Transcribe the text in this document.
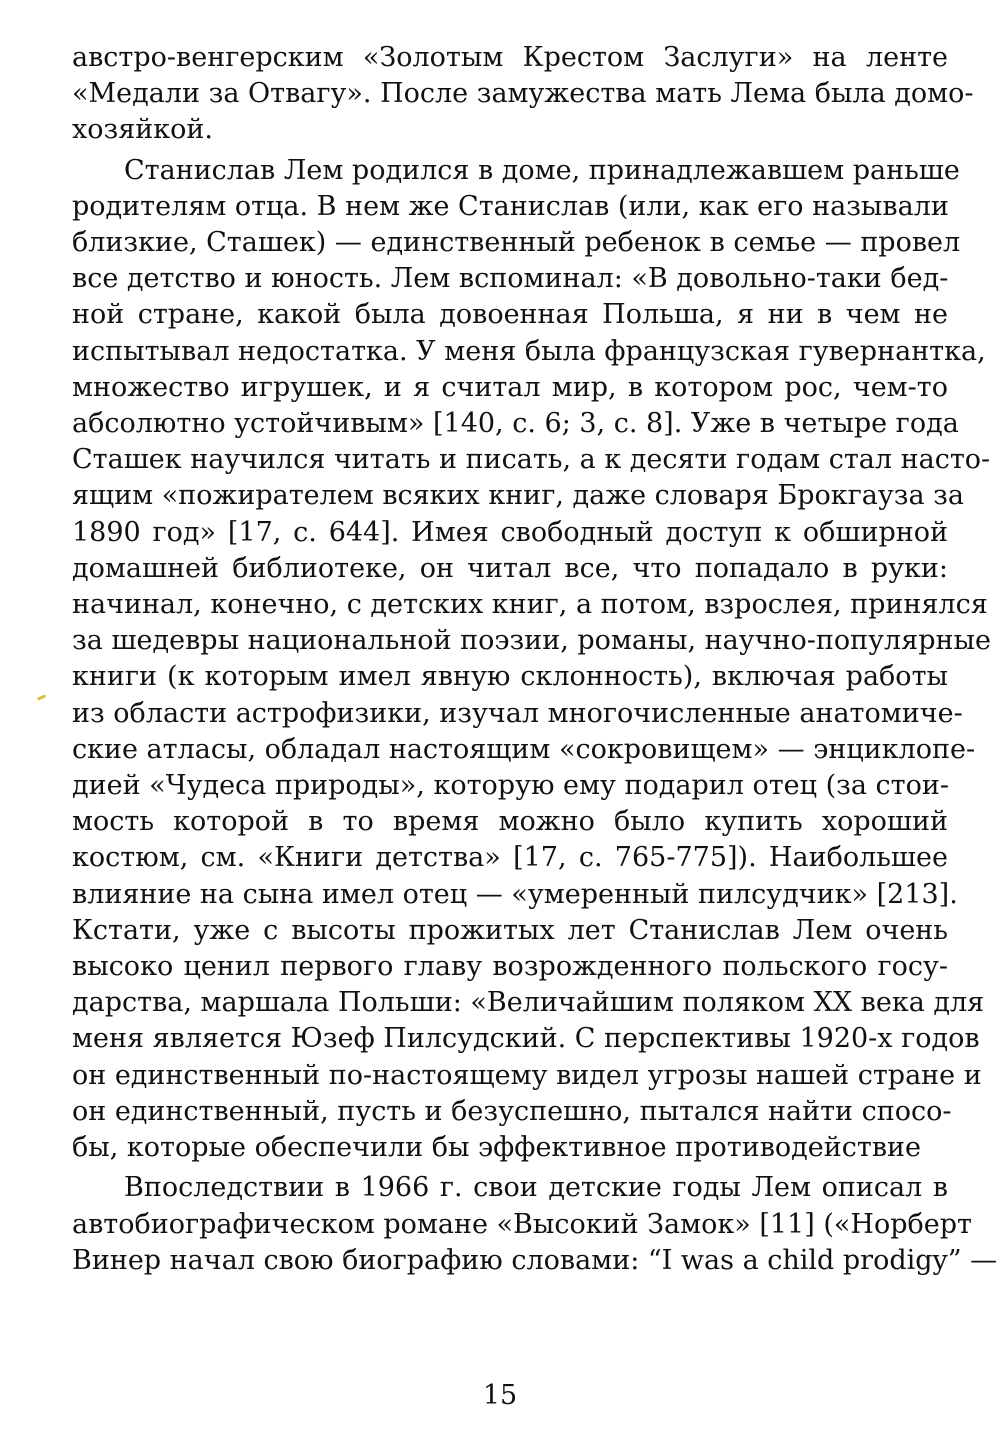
австро-венгерским «Золотым Крестом Заслуги» на ленте
«Медали за Отвагу». После замужества мать Лема была домо-
хозяйкой.
Станислав Лем родился в доме, принадлежавшем раньше
родителям отца. В нем же Станислав (или, как его называли
близкие, Сташек) — единственный ребенок в семье — провел
все детство и юность. Лем вспоминал: «В довольно-таки бед-
ной стране, какой была довоенная Польша, я ни в чем не
испытывал недостатка. У меня была французская гувернантка,
множество игрушек, и я считал мир, в котором рос, чем-то
абсолютно устойчивым» [140, с. 6; 3, с. 8]. Уже в четыре года
Сташек научился читать и писать, а к десяти годам стал насто-
ящим «пожирателем всяких книг, даже словаря Брокгауза за
1890 год» [17, с. 644]. Имея свободный доступ к обширной
домашней библиотеке, он читал все, что попадало в руки:
начинал, конечно, с детских книг, а потом, взрослея, принялся
за шедевры национальной поэзии, романы, научно-популярные
книги (к которым имел явную склонность), включая работы
из области астрофизики, изучал многочисленные анатомиче-
ские атласы, обладал настоящим «сокровищем» — энциклопе-
дией «Чудеса природы», которую ему подарил отец (за стои-
мость которой в то время можно было купить хороший
костюм, см. «Книги детства» [17, с. 765-775]). Наибольшее
влияние на сына имел отец — «умеренный пилсудчик» [213].
Кстати, уже с высоты прожитых лет Станислав Лем очень
высоко ценил первого главу возрожденного польского госу-
дарства, маршала Польши: «Величайшим поляком XX века для
меня является Юзеф Пилсудский. С перспективы 1920-х годов
он единственный по-настоящему видел угрозы нашей стране и
он единственный, пусть и безуспешно, пытался найти спосо-
бы, которые обеспечили бы эффективное противодействие
Впоследствии в 1966 г. свои детские годы Лем описал в
автобиографическом романе «Высокий Замок» [11] («Норберт
Винер начал свою биографию словами: “I was a child prodigy” —
15
